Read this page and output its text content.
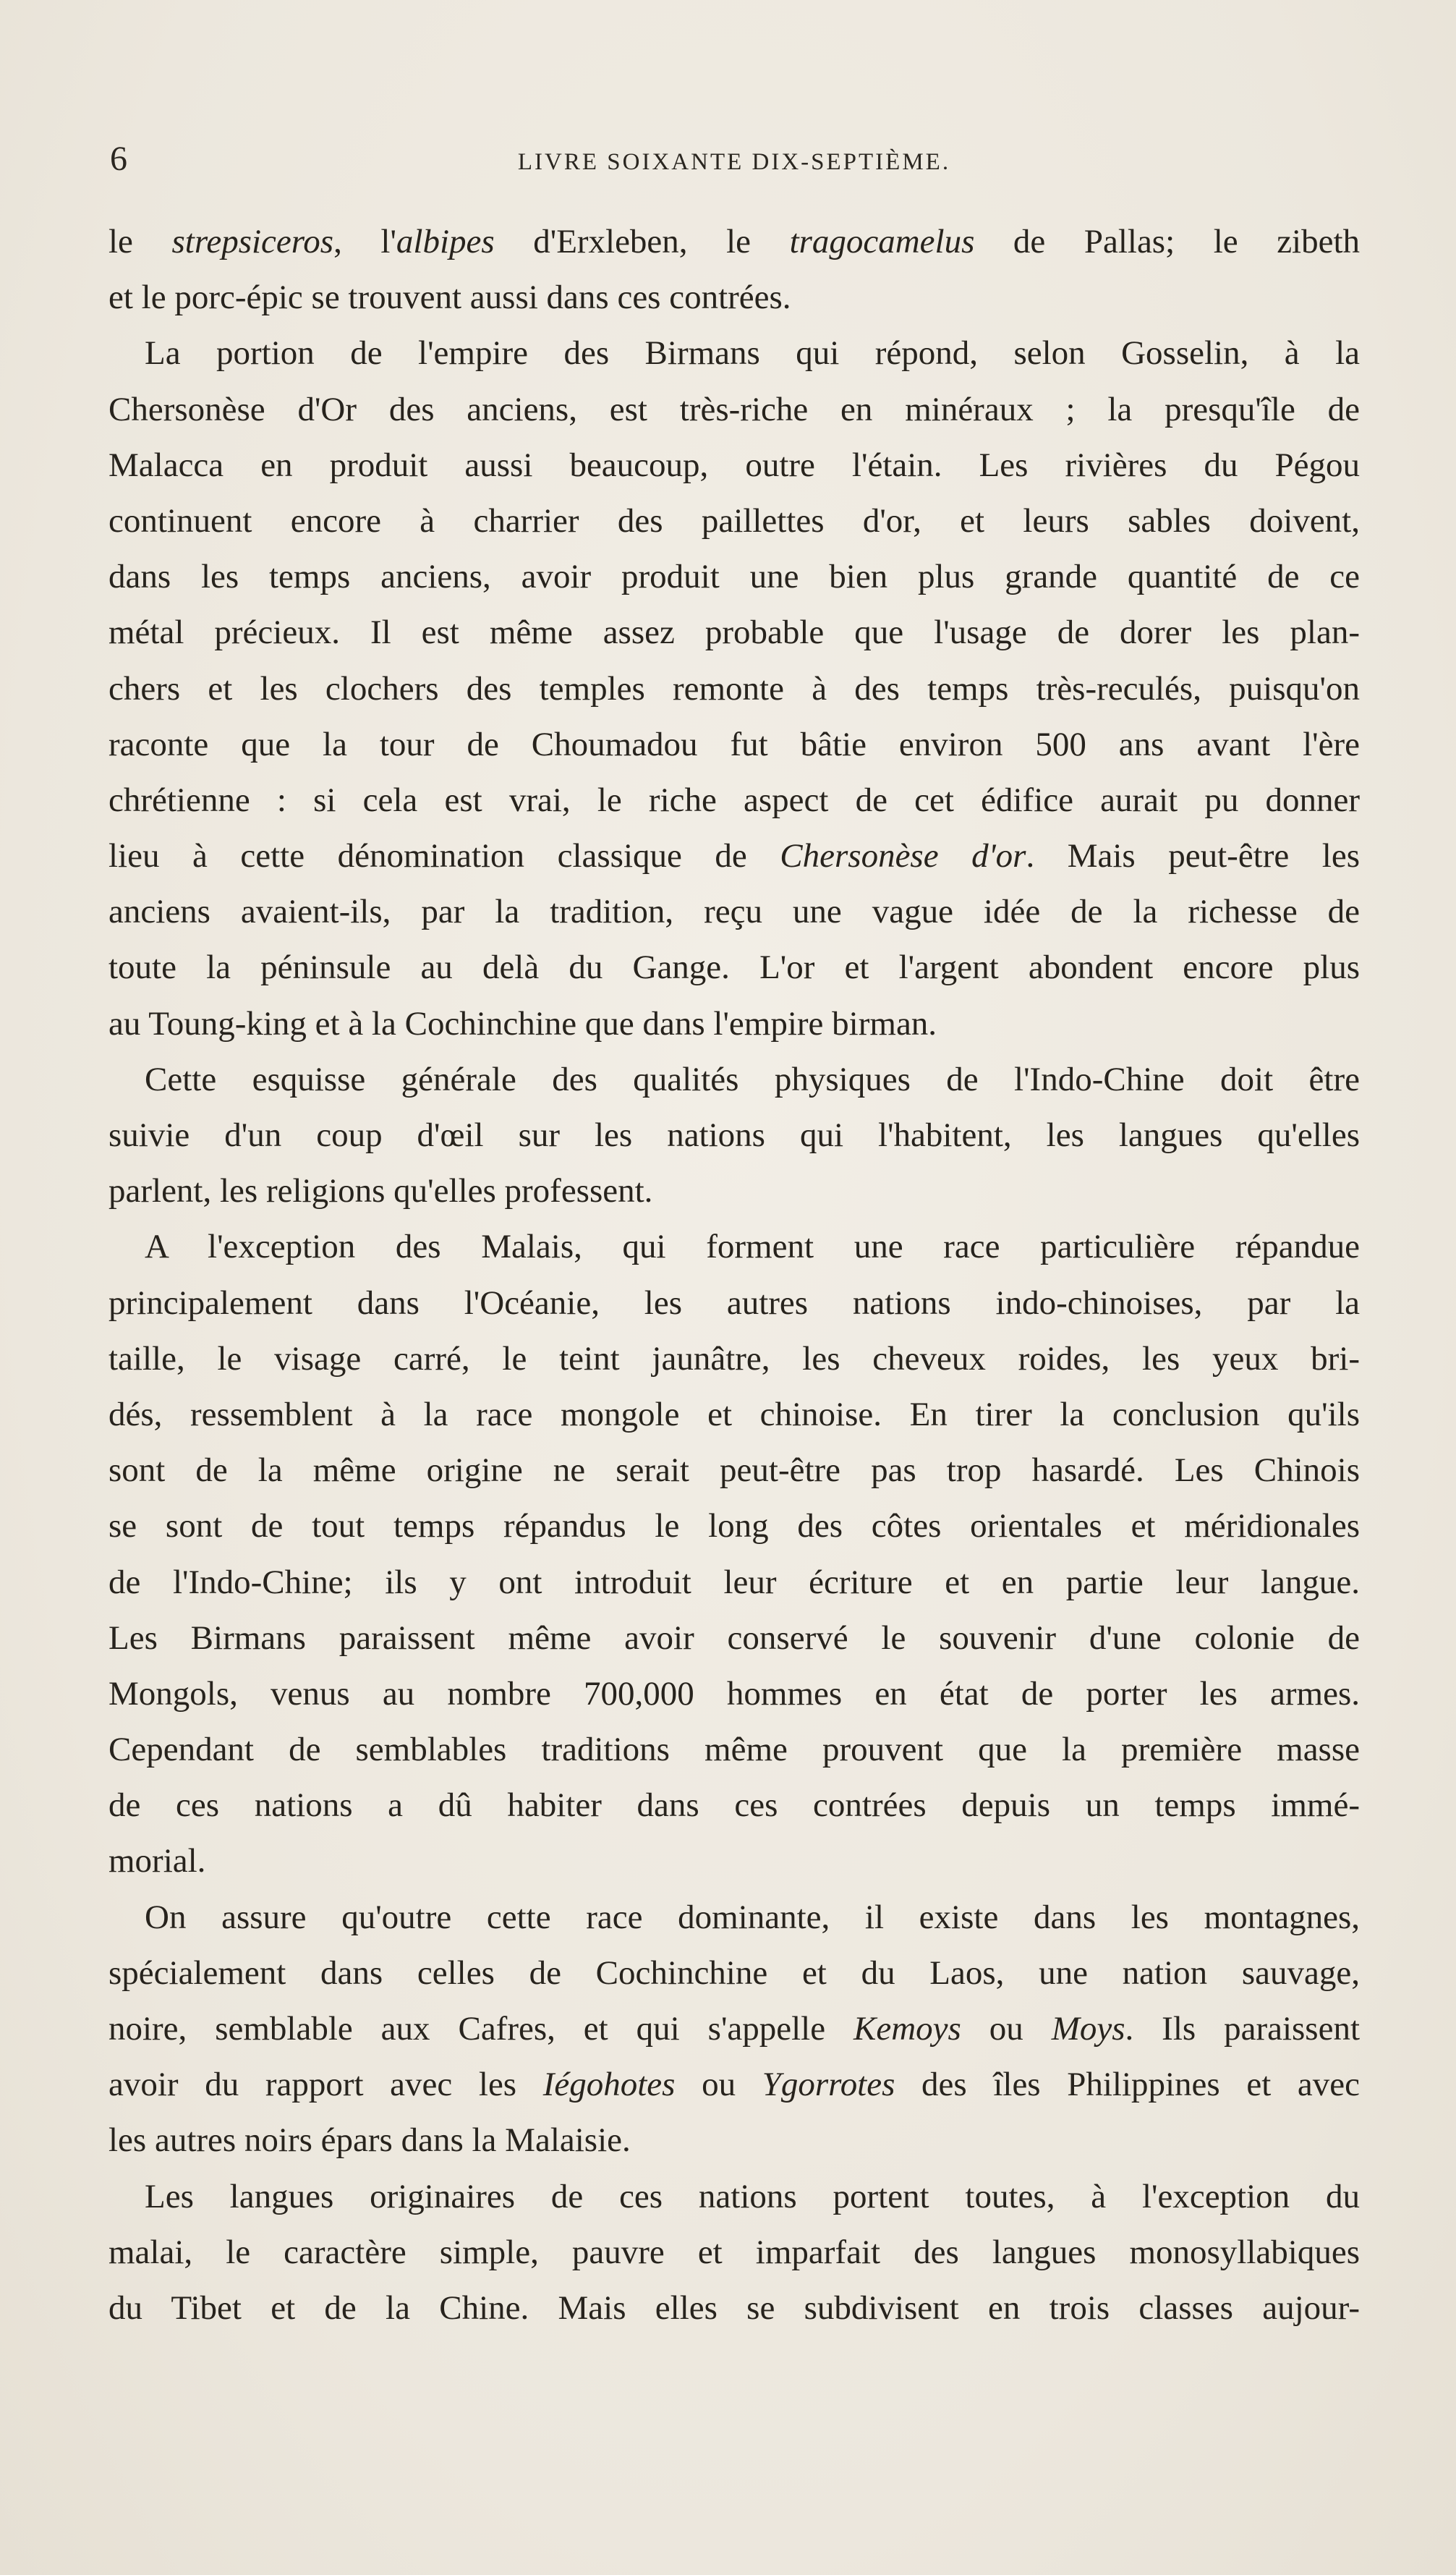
6	LIVRE SOIXANTE DIX-SEPTIÈME.
le strepsiceros, l'albipes d'Erxleben, le tragocamelus de Pallas; le zibeth
et le porc-épic se trouvent aussi dans ces contrées.
La portion de l'empire des Birmans qui répond, selon Gosselin, à la
Chersonèse d'Or des anciens, est très-riche en minéraux ; la presqu'île de
Malacca en produit aussi beaucoup, outre l'étain. Les rivières du Pégou
continuent encore à charrier des paillettes d'or, et leurs sables doivent,
dans les temps anciens, avoir produit une bien plus grande quantité de ce
métal précieux. Il est même assez probable que l'usage de dorer les plan-
chers et les clochers des temples remonte à des temps très-reculés, puisqu'on
raconte que la tour de Choumadou fut bâtie environ 500 ans avant l'ère
chrétienne : si cela est vrai, le riche aspect de cet édifice aurait pu donner
lieu à cette dénomination classique de Chersonèse d'or. Mais peut-être les
anciens avaient-ils, par la tradition, reçu une vague idée de la richesse de
toute la péninsule au delà du Gange. L'or et l'argent abondent encore plus
au Toung-king et à la Cochinchine que dans l'empire birman.
Cette esquisse générale des qualités physiques de l'Indo-Chine doit être
suivie d'un coup d'œil sur les nations qui l'habitent, les langues qu'elles
parlent, les religions qu'elles professent.
A l'exception des Malais, qui forment une race particulière répandue
principalement dans l'Océanie, les autres nations indo-chinoises, par la
taille, le visage carré, le teint jaunâtre, les cheveux roides, les yeux bri-
dés, ressemblent à la race mongole et chinoise. En tirer la conclusion qu'ils
sont de la même origine ne serait peut-être pas trop hasardé. Les Chinois
se sont de tout temps répandus le long des côtes orientales et méridionales
de l'Indo-Chine; ils y ont introduit leur écriture et en partie leur langue.
Les Birmans paraissent même avoir conservé le souvenir d'une colonie de
Mongols, venus au nombre 700,000 hommes en état de porter les armes.
Cependant de semblables traditions même prouvent que la première masse
de ces nations a dû habiter dans ces contrées depuis un temps immé-
morial.
On assure qu'outre cette race dominante, il existe dans les montagnes,
spécialement dans celles de Cochinchine et du Laos, une nation sauvage,
noire, semblable aux Cafres, et qui s'appelle Kemoys ou Moys. Ils paraissent
avoir du rapport avec les Iégohotes ou Ygorrotes des îles Philippines et avec
les autres noirs épars dans la Malaisie.
Les langues originaires de ces nations portent toutes, à l'exception du
malai, le caractère simple, pauvre et imparfait des langues monosyllabiques
du Tibet et de la Chine. Mais elles se subdivisent en trois classes aujour-
